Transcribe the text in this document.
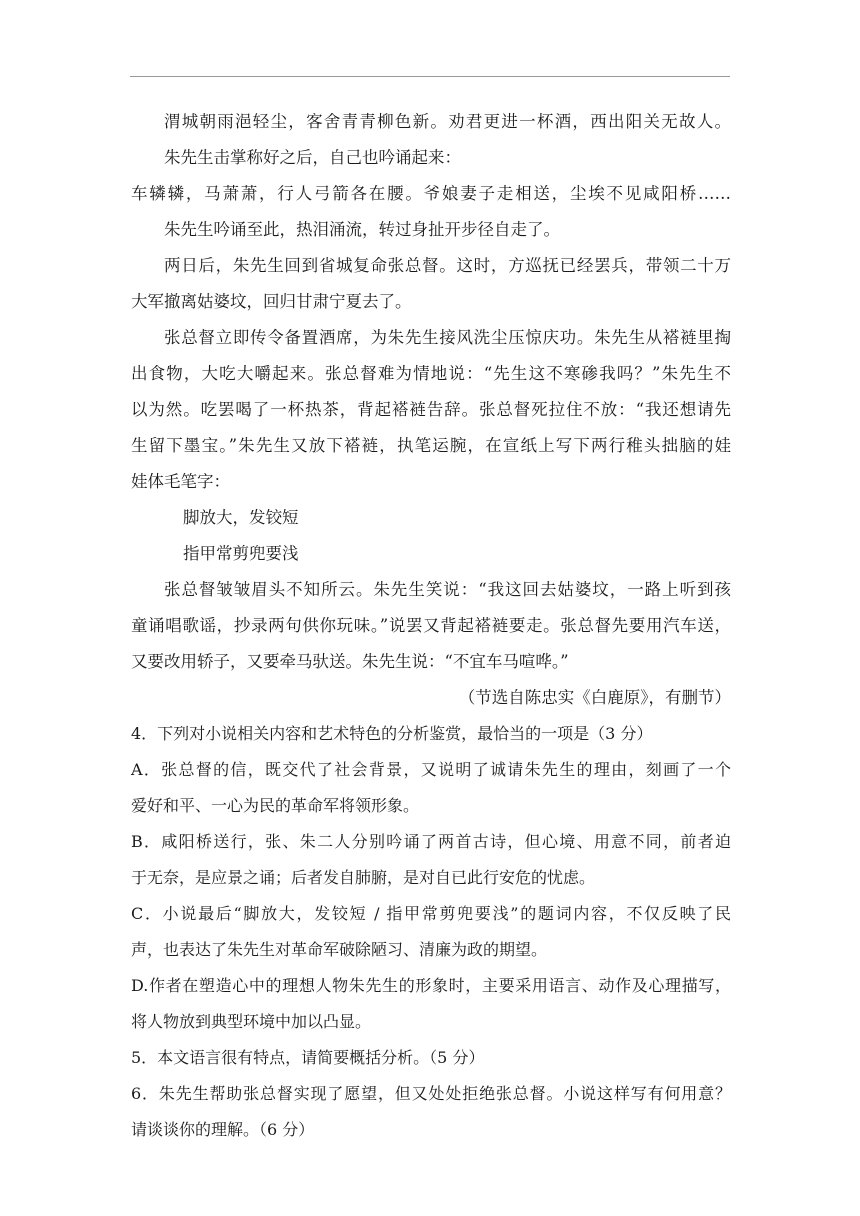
渭城朝雨浥轻尘，客舍青青柳色新。劝君更进一杯酒，西出阳关无故人。
朱先生击掌称好之后，自己也吟诵起来：
车辚辚，马萧萧，行人弓箭各在腰。爷娘妻子走相送，尘埃不见咸阳桥……
朱先生吟诵至此，热泪涌流，转过身扯开步径自走了。
两日后，朱先生回到省城复命张总督。这时，方巡抚已经罢兵，带领二十万
大军撤离姑婆坟，回归甘肃宁夏去了。
张总督立即传令备置酒席，为朱先生接风洗尘压惊庆功。朱先生从褡裢里掏
出食物，大吃大嚼起来。张总督难为情地说：“先生这不寒碜我吗？”朱先生不
以为然。吃罢喝了一杯热茶，背起褡裢告辞。张总督死拉住不放：“我还想请先
生留下墨宝。”朱先生又放下褡裢，执笔运腕，在宣纸上写下两行稚头拙脑的娃
娃体毛笔字：
脚放大，发铰短
指甲常剪兜要浅
张总督皱皱眉头不知所云。朱先生笑说：“我这回去姑婆坟，一路上听到孩
童诵唱歌谣，抄录两句供你玩味。”说罢又背起褡裢要走。张总督先要用汽车送，
又要改用轿子，又要牵马驮送。朱先生说：“不宜车马喧哗。”
（节选自陈忠实《白鹿原》，有删节）
4．下列对小说相关内容和艺术特色的分析鉴赏，最恰当的一项是（3 分）
A．张总督的信，既交代了社会背景，又说明了诚请朱先生的理由，刻画了一个
爱好和平、一心为民的革命军将领形象。
B．咸阳桥送行，张、朱二人分别吟诵了两首古诗，但心境、用意不同，前者迫
于无奈，是应景之诵；后者发自肺腑，是对自已此行安危的忧虑。
C．小说最后“脚放大，发铰短 / 指甲常剪兜要浅”的题词内容，不仅反映了民
声，也表达了朱先生对革命军破除陋习、清廉为政的期望。
D.作者在塑造心中的理想人物朱先生的形象时，主要采用语言、动作及心理描写，
将人物放到典型环境中加以凸显。
5．本文语言很有特点，请简要概括分析。（5 分）
6．朱先生帮助张总督实现了愿望，但又处处拒绝张总督。小说这样写有何用意？
请谈谈你的理解。（6 分）
